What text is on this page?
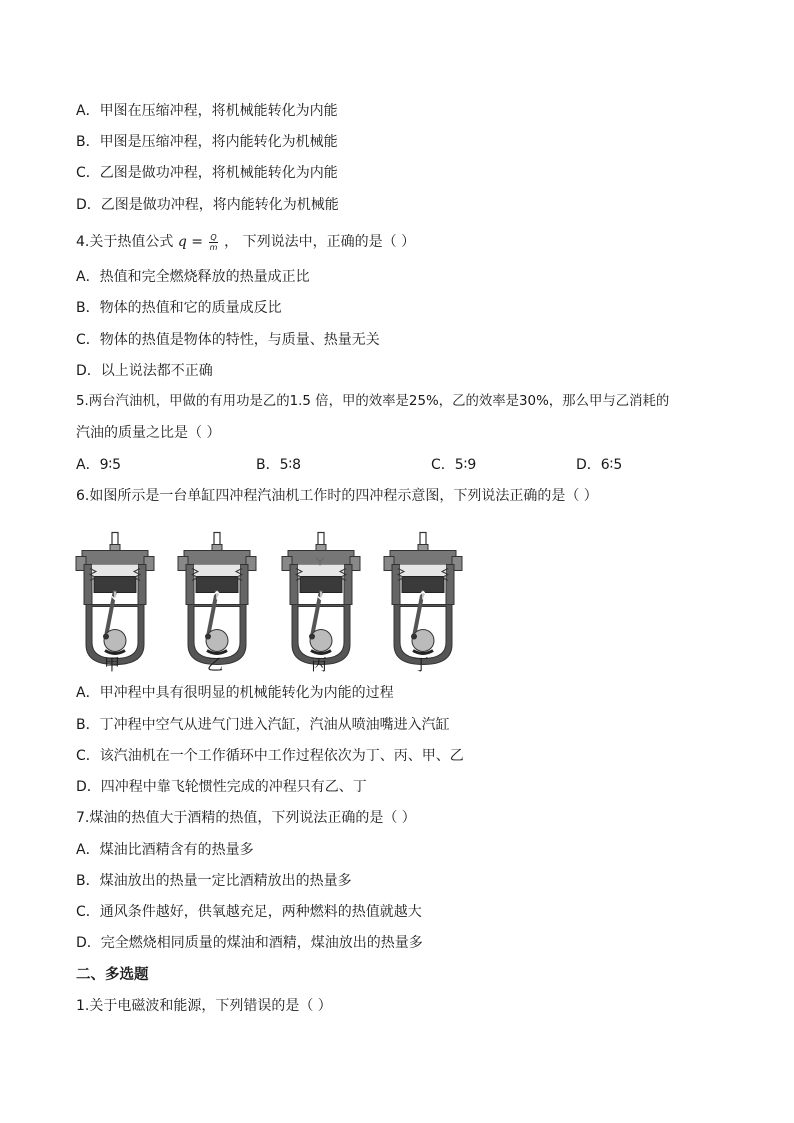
A．甲图在压缩冲程，将机械能转化为内能
B．甲图是压缩冲程，将内能转化为机械能
C．乙图是做功冲程，将机械能转化为内能
D．乙图是做功冲程，将内能转化为机械能
4.关于热值公式 $q = \frac{Q}{m}$ ， 下列说法中，正确的是（ ）
A．热值和完全燃烧释放的热量成正比
B．物体的热值和它的质量成反比
C．物体的热值是物体的特性，与质量、热量无关
D．以上说法都不正确
5.两台汽油机，甲做的有用功是乙的1.5 倍，甲的效率是25%，乙的效率是30%，那么甲与乙消耗的
汽油的质量之比是（ ）
A．9∶5	B．5∶8	C．5∶9	D．6∶5
6.如图所示是一台单缸四冲程汽油机工作时的四冲程示意图，下列说法正确的是（ ）
甲	乙	丙	丁
A．甲冲程中具有很明显的机械能转化为内能的过程
B．丁冲程中空气从进气门进入汽缸，汽油从喷油嘴进入汽缸
C．该汽油机在一个工作循环中工作过程依次为丁、丙、甲、乙
D．四冲程中靠飞轮惯性完成的冲程只有乙、丁
7.煤油的热值大于酒精的热值，下列说法正确的是（ ）
A．煤油比酒精含有的热量多
B．煤油放出的热量一定比酒精放出的热量多
C．通风条件越好，供氧越充足，两种燃料的热值就越大
D．完全燃烧相同质量的煤油和酒精，煤油放出的热量多
二、多选题
1.关于电磁波和能源，下列错误的是（ ）
